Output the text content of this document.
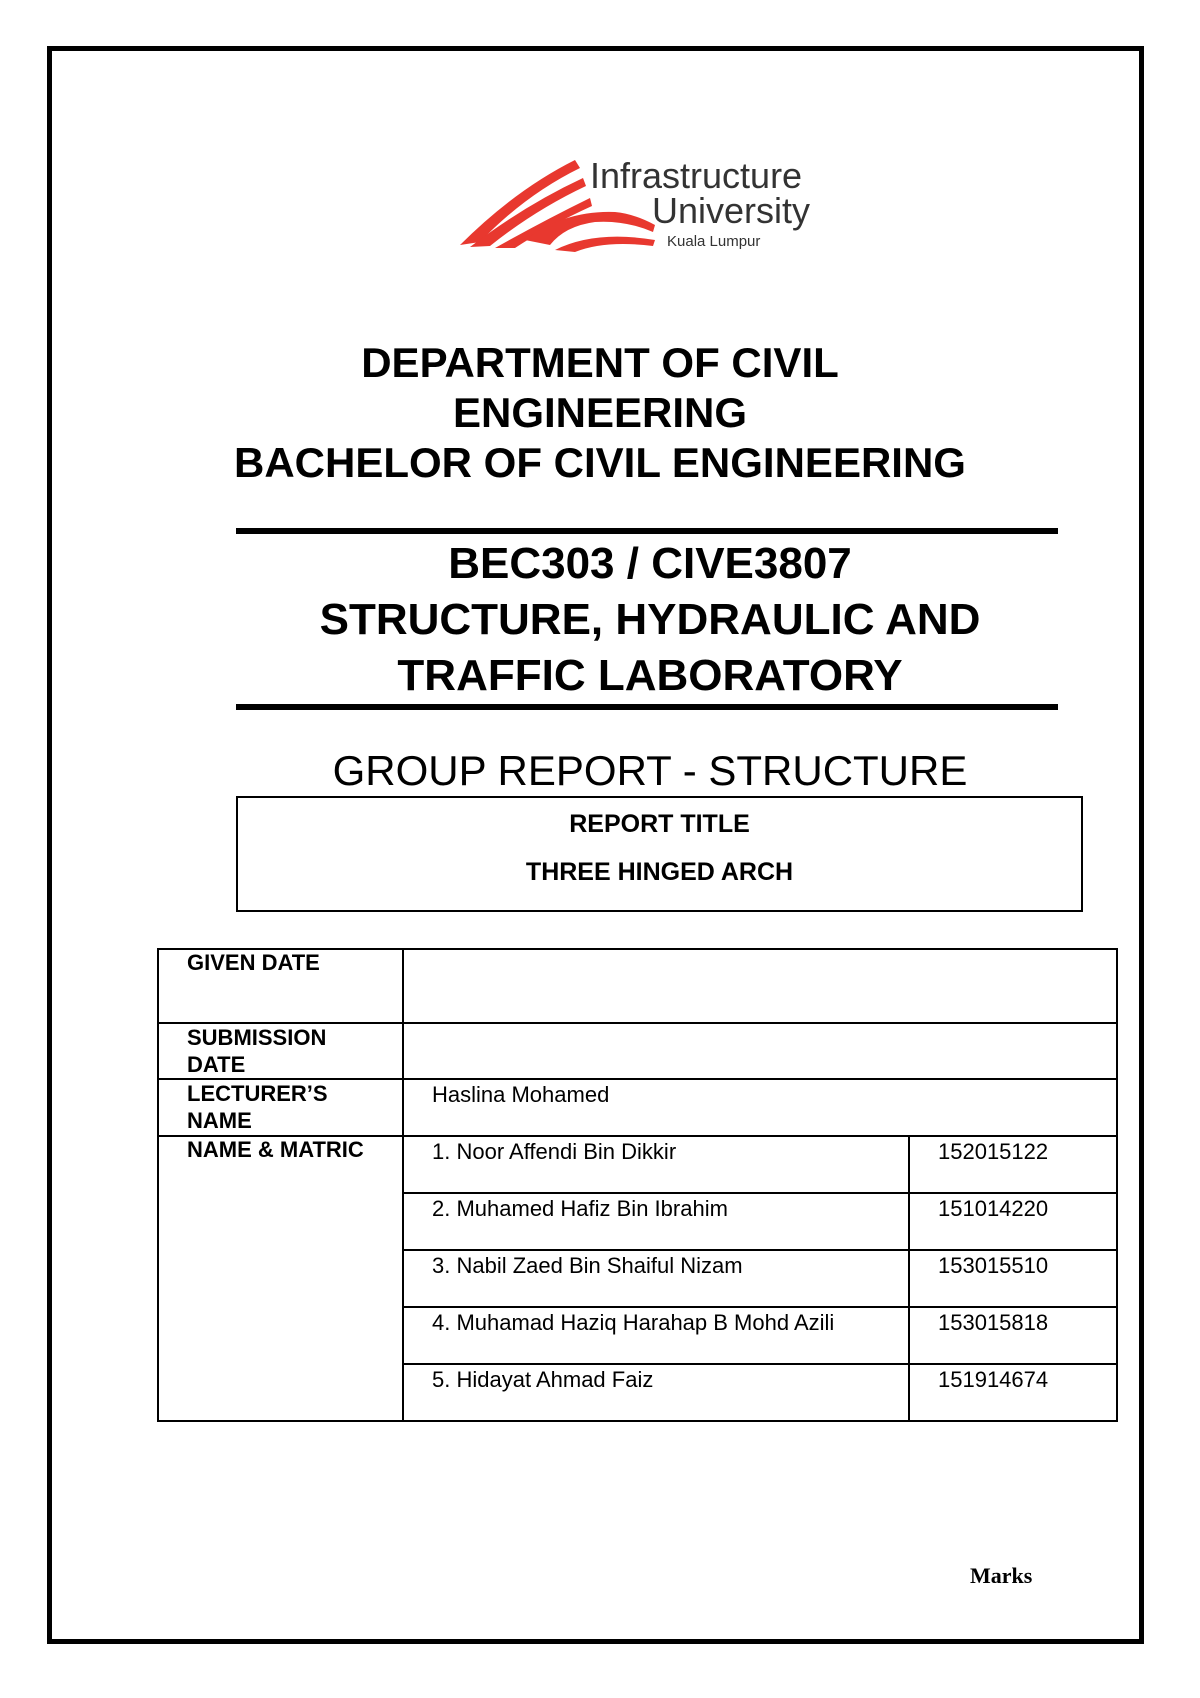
Infrastructure
University
Kuala Lumpur
DEPARTMENT OF CIVIL
ENGINEERING
BACHELOR OF CIVIL ENGINEERING
BEC303 / CIVE3807
STRUCTURE, HYDRAULIC AND
TRAFFIC LABORATORY
GROUP REPORT - STRUCTURE
REPORT TITLE
THREE HINGED ARCH
GIVEN DATE		

SUBMISSION
DATE		

LECTURER’S
NAME	Haslina Mohamed	
NAME & MATRIC	1. Noor Affendi Bin Dikkir	152015122
	2. Muhamed Hafiz Bin Ibrahim	151014220
	3. Nabil Zaed Bin Shaiful Nizam	153015510
	4. Muhamad Haziq Harahap B Mohd Azili	153015818
	5. Hidayat Ahmad Faiz	151914674
Marks
